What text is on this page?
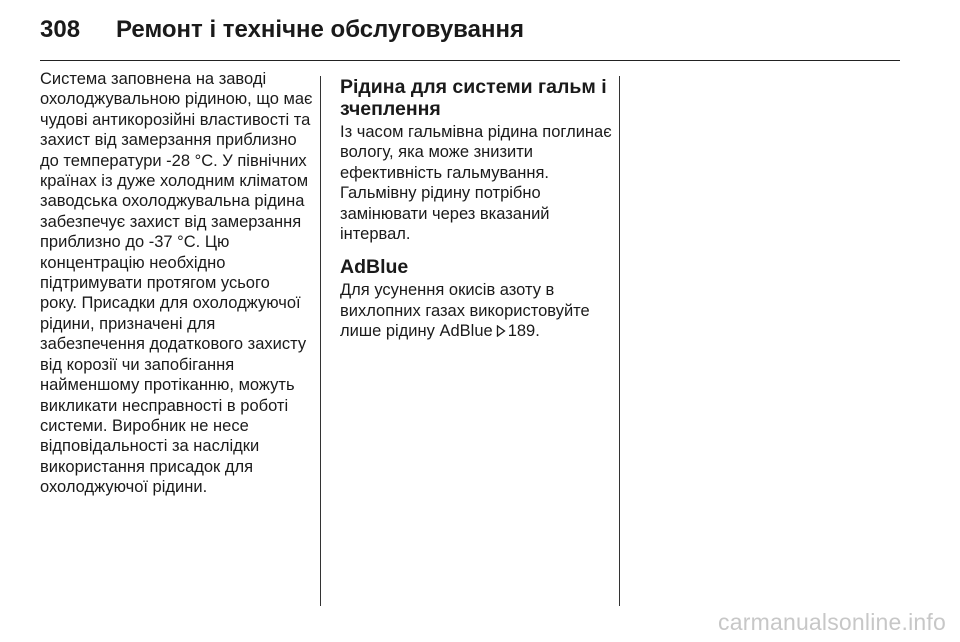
308 Ремонт і технічне обслуговування

Система заповнена на заводі
охолоджувальною рідиною, що має
чудові антикорозійні властивості та
захист від замерзання приблизно
до температури -28 °C. У північних
країнах із дуже холодним кліматом
заводська охолоджувальна рідина
забезпечує захист від замерзання
приблизно до -37 °C. Цю
концентрацію необхідно
підтримувати протягом усього
року. Присадки для охолоджуючої
рідини, призначені для
забезпечення додаткового захисту
від корозії чи запобігання
найменшому протіканню, можуть
викликати несправності в роботі
системи. Виробник не несе
відповідальності за наслідки
використання присадок для
охолоджуючої рідини.

Рідина для системи гальм і
зчеплення

Із часом гальмівна рідина поглинає
вологу, яка може знизити
ефективність гальмування.
Гальмівну рідину потрібно
замінювати через вказаний
інтервал.

AdBlue

Для усунення окисів азоту в
вихлопних газах використовуйте
лише рідину AdBlue 189.

carmanualsonline.info
